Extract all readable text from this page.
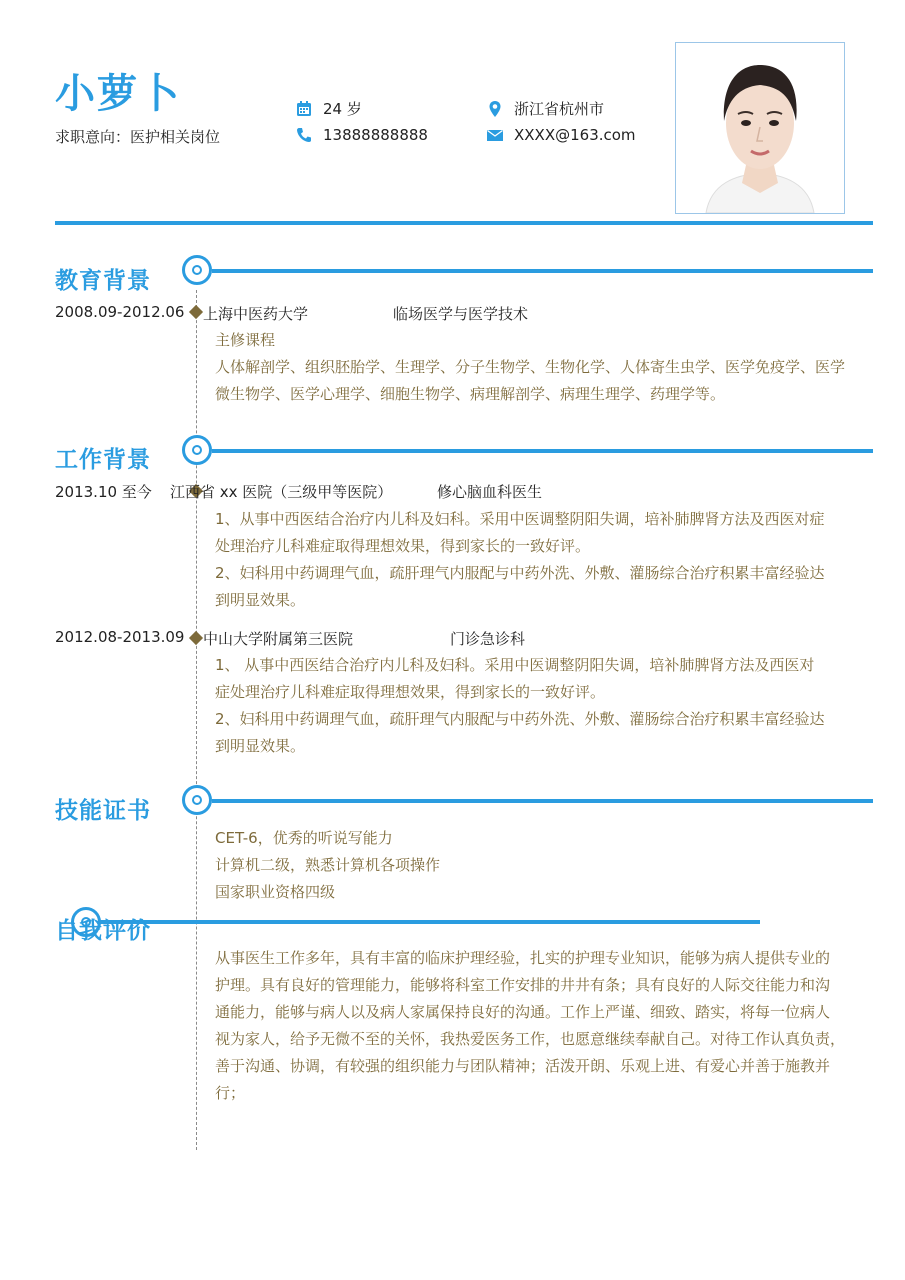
小萝卜
求职意向：医护相关岗位
24 岁
13888888888
浙江省杭州市
XXXX@163.com
教育背景
2008.09-2012.06 上海中医药大学	临场医学与医学技术

主修课程

人体解剖学、组织胚胎学、生理学、分子生物学、生物化学、人体寄生虫学、医学免疫学、医学

微生物学、医学心理学、细胞生物学、病理解剖学、病理生理学、药理学等。

工作背景
2013.10 至今 江西省 xx 医院（三级甲等医院）	修心脑血科医生

1、从事中西医结合治疗内儿科及妇科。采用中医调整阴阳失调，培补肺脾肾方法及西医对症

处理治疗儿科难症取得理想效果，得到家长的一致好评。

2、妇科用中药调理气血，疏肝理气内服配与中药外洗、外敷、灌肠综合治疗积累丰富经验达

到明显效果。

2012.08-2013.09 中山大学附属第三医院	门诊急诊科

1、 从事中西医结合治疗内儿科及妇科。采用中医调整阴阳失调，培补肺脾肾方法及西医对

症处理治疗儿科难症取得理想效果，得到家长的一致好评。

2、妇科用中药调理气血，疏肝理气内服配与中药外洗、外敷、灌肠综合治疗积累丰富经验达

到明显效果。

技能证书

CET-6，优秀的听说写能力

计算机二级，熟悉计算机各项操作

国家职业资格四级

自我评价

从事医生工作多年，具有丰富的临床护理经验，扎实的护理专业知识，能够为病人提供专业的

护理。具有良好的管理能力，能够将科室工作安排的井井有条；具有良好的人际交往能力和沟

通能力，能够与病人以及病人家属保持良好的沟通。工作上严谨、细致、踏实，将每一位病人

视为家人，给予无微不至的关怀，我热爱医务工作，也愿意继续奉献自己。对待工作认真负责，

善于沟通、协调，有较强的组织能力与团队精神；活泼开朗、乐观上进、有爱心并善于施教并

行；
